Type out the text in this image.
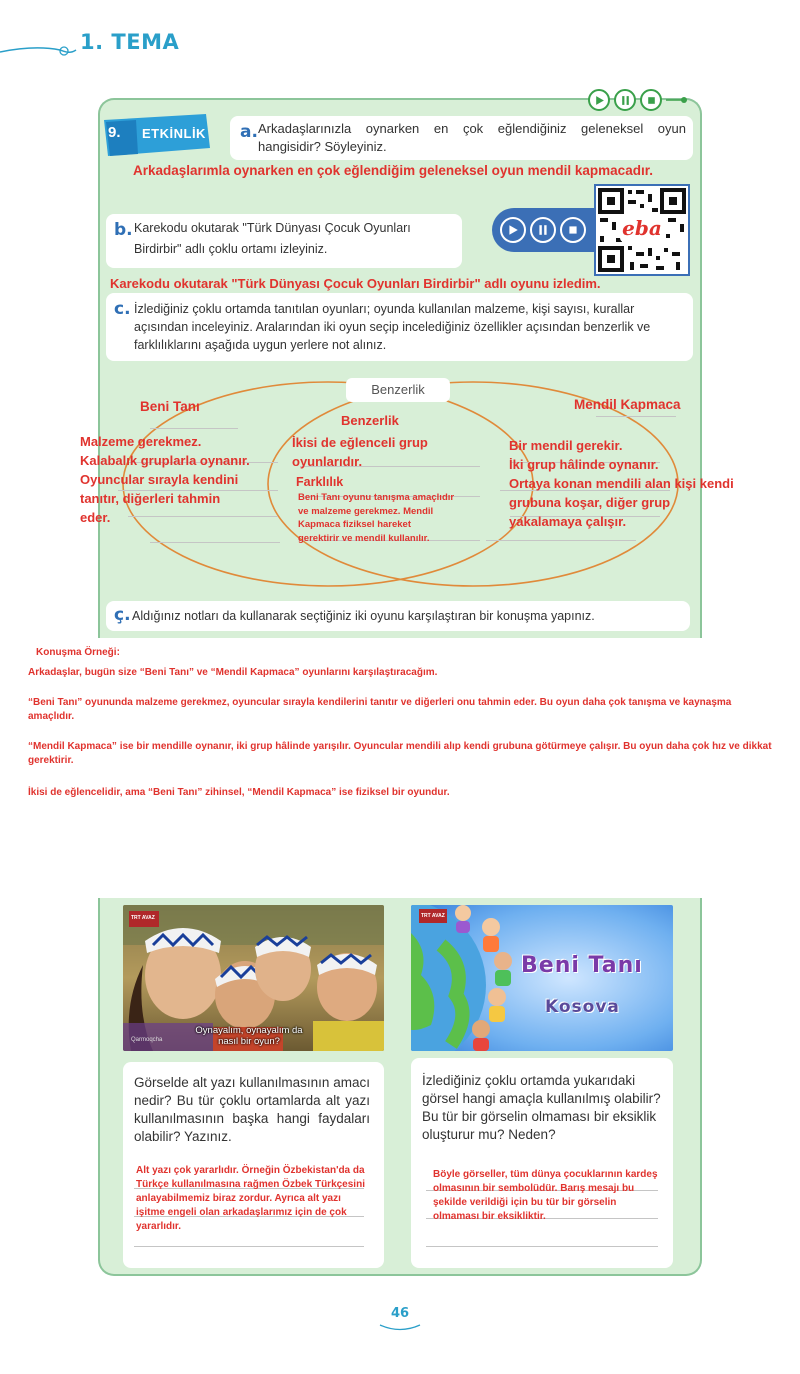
1. TEMA
9. ETKİNLİK a. Arkadaşlarınızla oynarken en çok eğlendiğiniz geleneksel oyun hangisidir? Söyleyiniz.
Arkadaşlarımla oynarken en çok eğlendiğim geleneksel oyun mendil kapmacadır.
b. Karekodu okutarak "Türk Dünyası Çocuk Oyunları Birdirbir" adlı çoklu ortamı izleyiniz.
eba
Karekodu okutarak "Türk Dünyası Çocuk Oyunları Birdirbir" adlı oyunu izledim.
c. İzlediğiniz çoklu ortamda tanıtılan oyunları; oyunda kullanılan malzeme, kişi sayısı, kurallar açısından inceleyiniz. Aralarından iki oyun seçip incelediğiniz özellikler açısından benzerlik ve farklılıklarını aşağıda uygun yerlere not alınız.
Benzerlik
Beni Tanı	Mendil Kapmaca
Malzeme gerekmez.
Kalabalık gruplarla oynanır.
Oyuncular sırayla kendini
tanıtır, diğerleri tahmin
eder.
Benzerlik
İkisi de eğlenceli grup
oyunlarıdır.
Farklılık
Beni Tanı oyunu tanışma amaçlıdır
ve malzeme gerekmez. Mendil
Kapmaca fiziksel hareket
gerektirir ve mendil kullanılır.
Bir mendil gerekir.
İki grup hâlinde oynanır.
Ortaya konan mendili alan kişi kendi
grubuna koşar, diğer grup
yakalamaya çalışır.
ç. Aldığınız notları da kullanarak seçtiğiniz iki oyunu karşılaştıran bir konuşma yapınız.
Konuşma Örneği:
Arkadaşlar, bugün size “Beni Tanı” ve “Mendil Kapmaca” oyunlarını karşılaştıracağım.
“Beni Tanı” oyununda malzeme gerekmez, oyuncular sırayla kendilerini tanıtır ve diğerleri onu tahmin eder. Bu oyun daha çok tanışma ve kaynaşma amaçlıdır.
“Mendil Kapmaca” ise bir mendille oynanır, iki grup hâlinde yarışılır. Oyuncular mendili alıp kendi grubuna götürmeye çalışır. Bu oyun daha çok hız ve dikkat gerektirir.
İkisi de eğlencelidir, ama “Beni Tanı” zihinsel, “Mendil Kapmaca” ise fiziksel bir oyundur.
TRT AVAZ
Oynayalım, oynayalım da nasıl bir oyun?
Qarmoqcha
TRT AVAZ
Beni Tanı
Kosova
Görselde alt yazı kullanılmasının amacı nedir? Bu tür çoklu ortamlarda alt yazı kullanılmasının başka hangi faydaları olabilir? Yazınız.
Alt yazı çok yararlıdır. Örneğin Özbekistan'da da Türkçe kullanılmasına rağmen Özbek Türkçesini anlayabilmemiz biraz zordur. Ayrıca alt yazı işitme engeli olan arkadaşlarımız için de çok yararlıdır.
İzlediğiniz çoklu ortamda yukarıdaki görsel hangi amaçla kullanılmış olabilir? Bu tür bir görselin olmaması bir eksiklik oluşturur mu? Neden?
Böyle görseller, tüm dünya çocuklarının kardeş olmasının bir sembolüdür. Barış mesajı bu şekilde verildiği için bu tür bir görselin olmaması bir eksikliktir.
46
